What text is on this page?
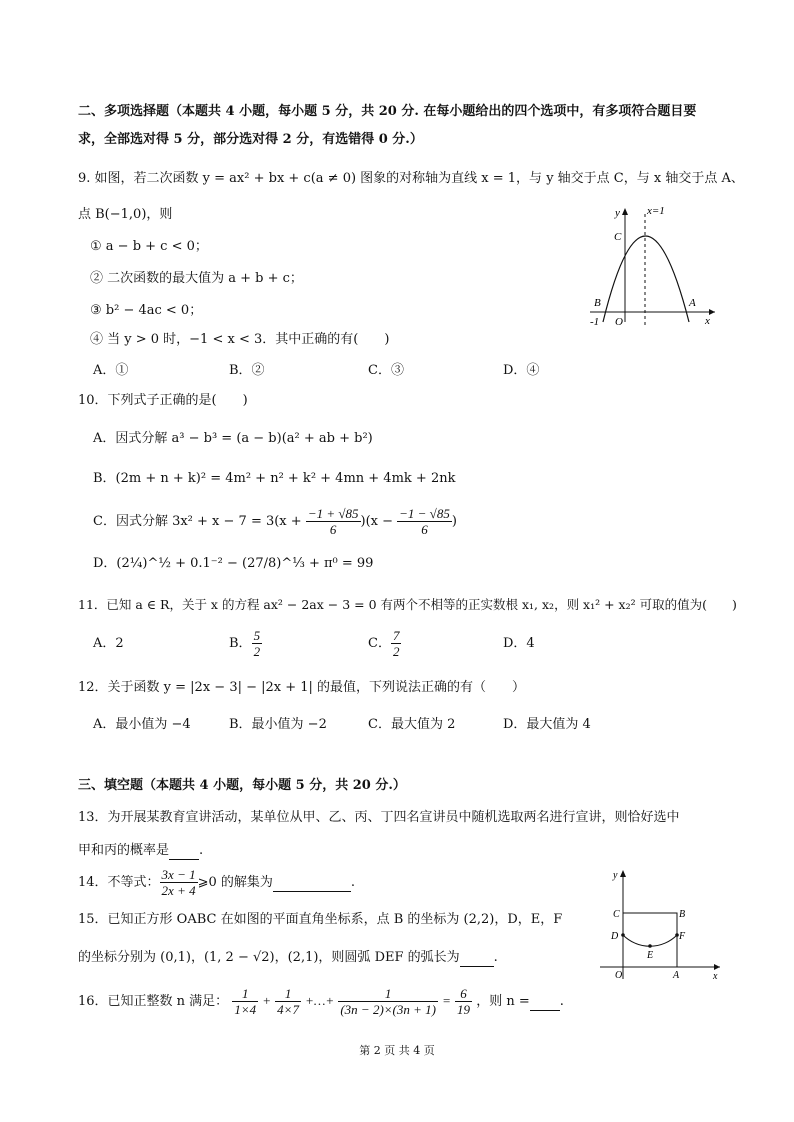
二、多项选择题（本题共 4 小题，每小题 5 分，共 20 分. 在每小题给出的四个选项中，有多项符合题目要
求，全部选对得 5 分，部分选对得 2 分，有选错得 0 分.）
9. 如图，若二次函数 y = ax² + bx + c(a ≠ 0) 图象的对称轴为直线 x = 1，与 y 轴交于点 C，与 x 轴交于点 A、
点 B(−1,0)，则
① a − b + c < 0；
② 二次函数的最大值为 a + b + c；
③ b² − 4ac < 0；
④ 当 y > 0 时，−1 < x < 3．其中正确的有(　　)
A．①	B．②	C．③	D．④
y
x
x=1
C
B	A
O
-1
10．下列式子正确的是(　　)
A．因式分解 a³ − b³ = (a − b)(a² + ab + b²)
B．(2m + n + k)² = 4m² + n² + k² + 4mn + 4mk + 2nk
C．因式分解 $3x^2 + x - 7 = 3(x + \frac{-1 + √85}{6} )(x - \frac{-1 - √85}{6}$ )
D．(2¼)^½ + 0.1⁻² − (27/8)^⅓ + π⁰ = 99
11．已知 a ∈ R，关于 x 的方程 ax² − 2ax − 3 = 0 有两个不相等的正实数根 x₁, x₂，则 x₁² + x₂² 可取的值为(　　)
A．2	B． $\frac{5}{2}$	C． $\frac{7}{2}$	D．4
12．关于函数 y = |2x − 3| − |2x + 1| 的最值，下列说法正确的有（　　）
A．最小值为 −4	B．最小值为 −2	C．最大值为 2	D．最大值为 4
三、填空题（本题共 4 小题，每小题 5 分，共 20 分.）
13．为开展某教育宣讲活动，某单位从甲、乙、丙、丁四名宣讲员中随机选取两名进行宣讲，则恰好选中
甲和丙的概率是 .
14．不等式： $\frac{3x - 1}{2x + 4}$ ⩾0 的解集为	.
15．已知正方形 OABC 在如图的平面直角坐标系，点 B 的坐标为 (2,2)，D，E，F
的坐标分别为 (0,1)，(1, 2 − √2)，(2,1)，则圆弧 DEF 的弧长为	.
y
x
C	B
D	F
E
O	A
16．已知正整数 n 满足： $\frac{1}{1\times 4} + \frac{1}{4\times 7}$ +…+ $\frac{1}{(3n - 2)\times(3n + 1)} = \frac{6}{19}$ ，则 n = .
第 2 页 共 4 页
